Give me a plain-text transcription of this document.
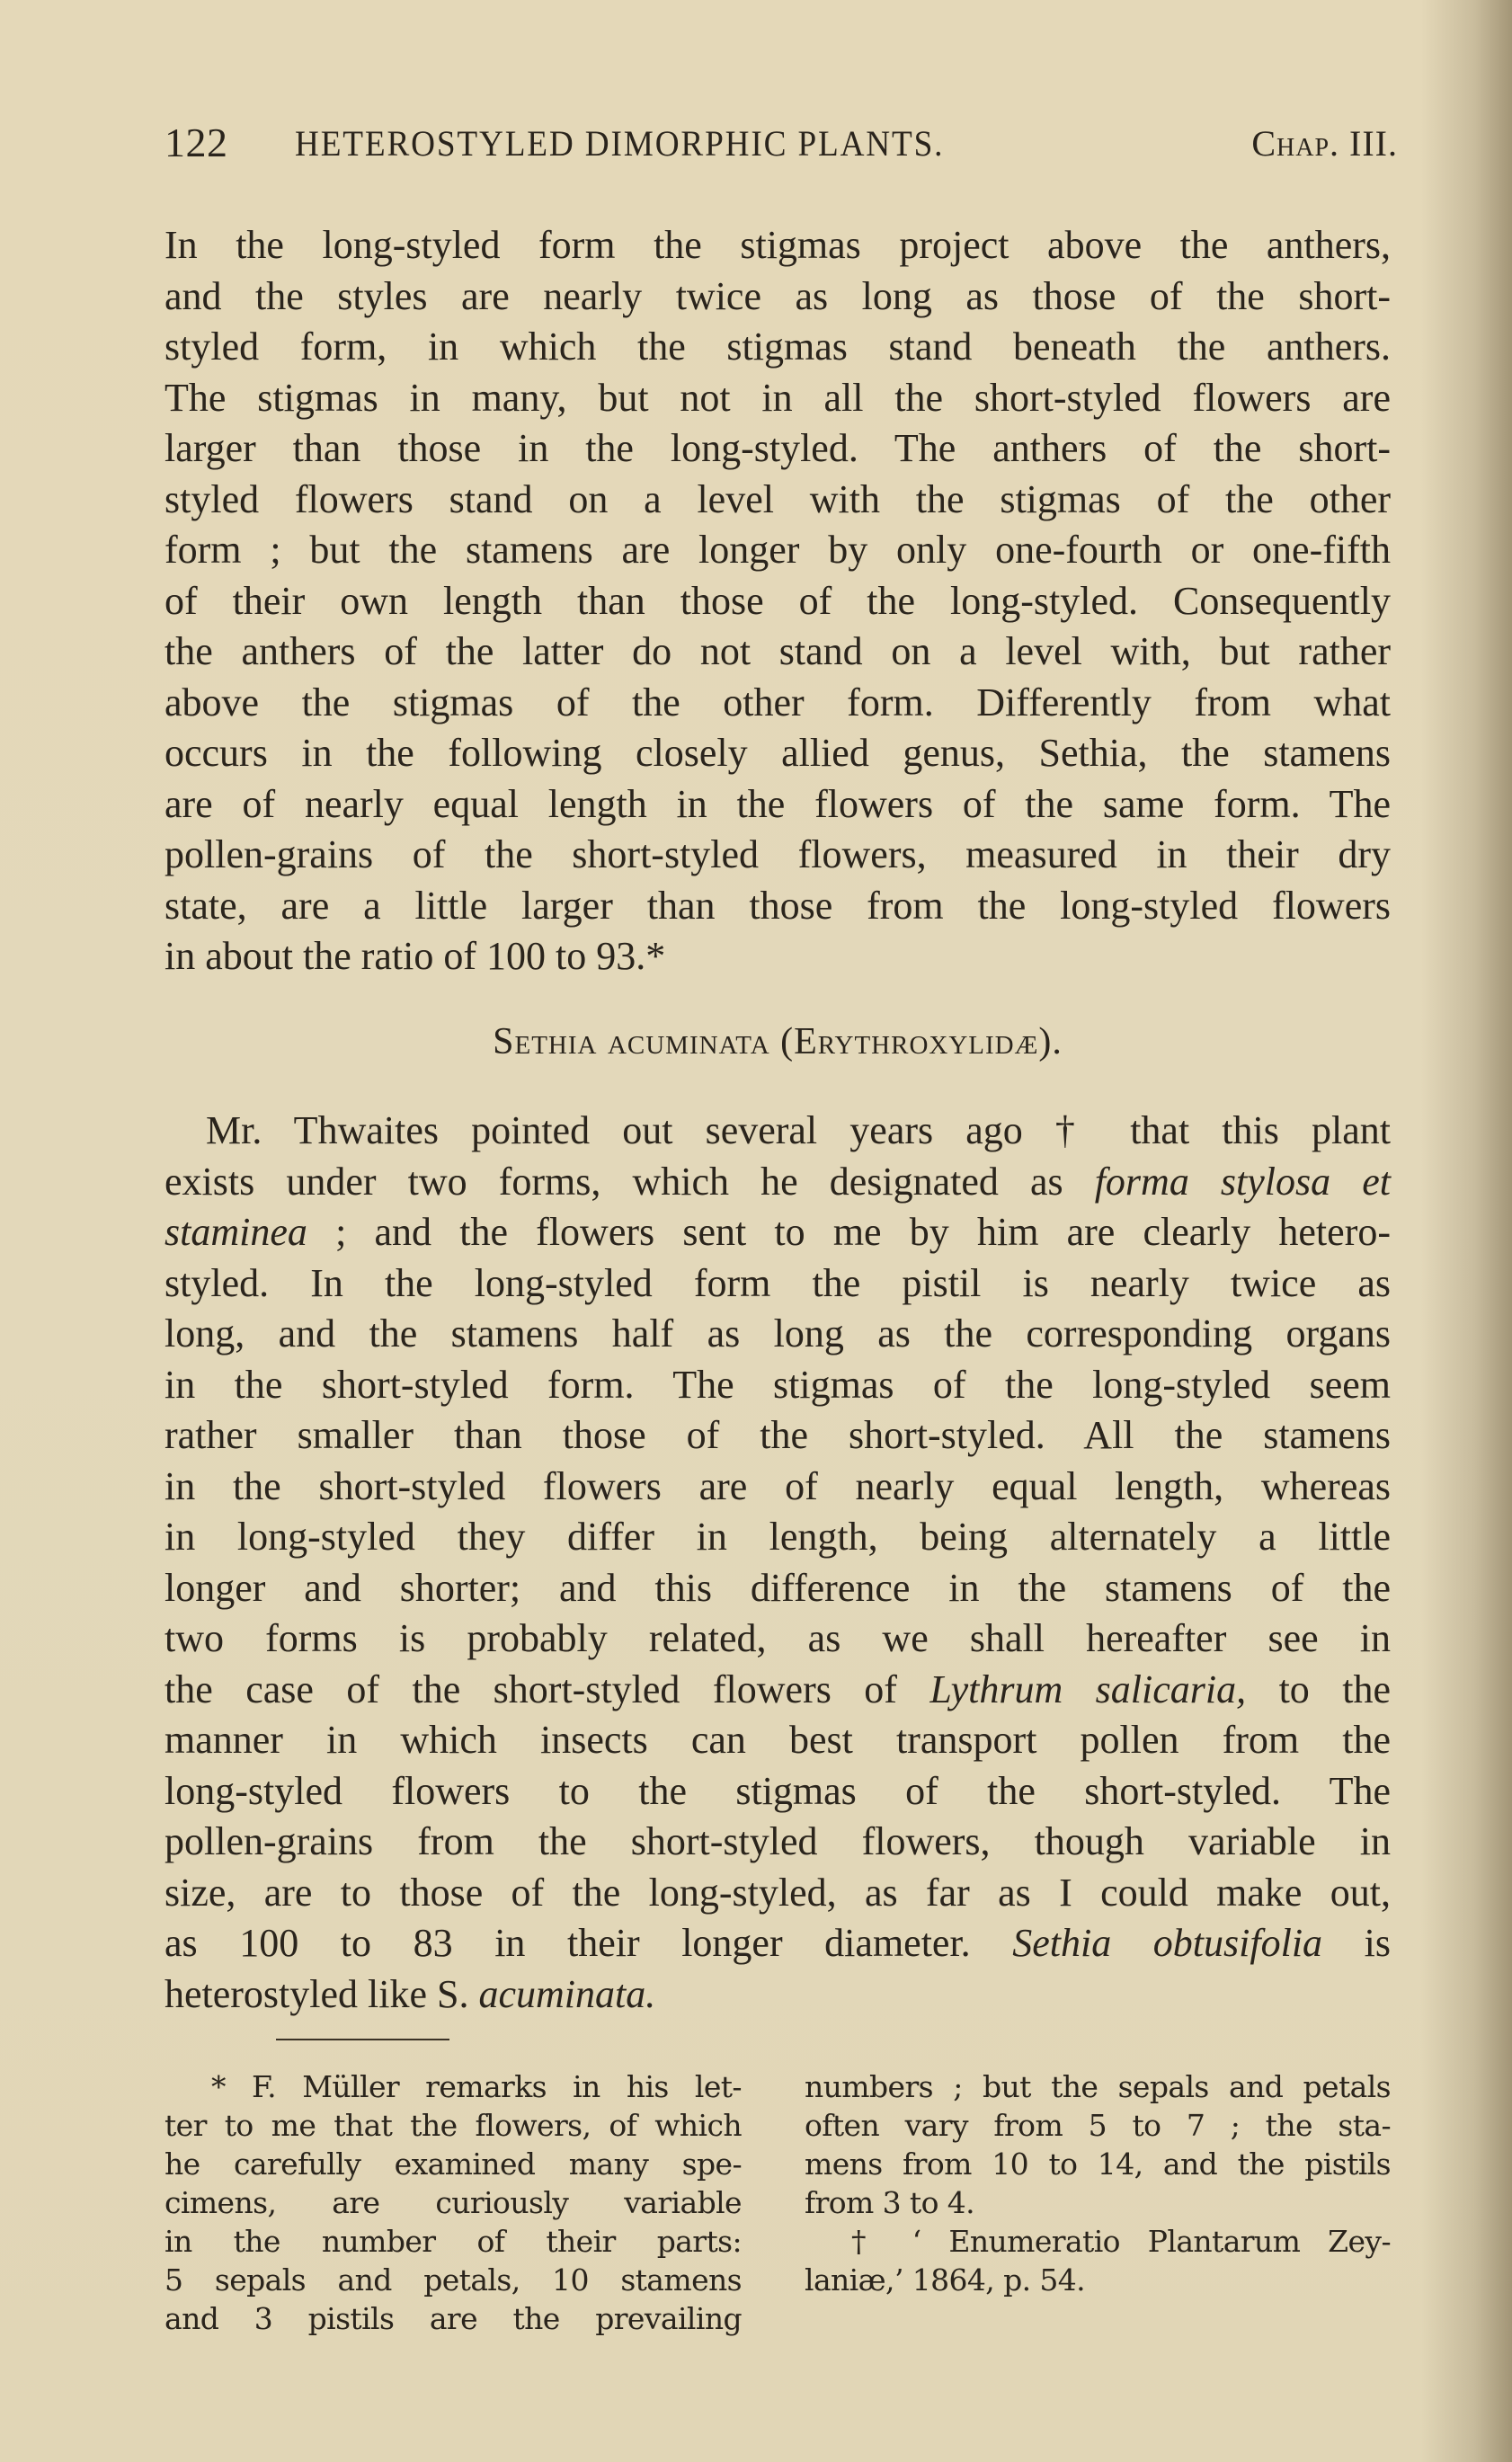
122 HETEROSTYLED DIMORPHIC PLANTS.	Chap. III.
In the long-styled form the stigmas project above the anthers,
and the styles are nearly twice as long as those of the short-
styled form, in which the stigmas stand beneath the anthers.
The stigmas in many, but not in all the short-styled flowers are
larger than those in the long-styled. The anthers of the short-
styled flowers stand on a level with the stigmas of the other
form ; but the stamens are longer by only one-fourth or one-fifth
of their own length than those of the long-styled. Consequently
the anthers of the latter do not stand on a level with, but rather
above the stigmas of the other form. Differently from what
occurs in the following closely allied genus, Sethia, the stamens
are of nearly equal length in the flowers of the same form. The
pollen-grains of the short-styled flowers, measured in their dry
state, are a little larger than those from the long-styled flowers
in about the ratio of 100 to 93.*
Sethia acuminata (Erythroxylidæ).
Mr. Thwaites pointed out several years ago † that this plant
exists under two forms, which he designated as forma stylosa et
staminea ; and the flowers sent to me by him are clearly hetero-
styled. In the long-styled form the pistil is nearly twice as
long, and the stamens half as long as the corresponding organs
in the short-styled form. The stigmas of the long-styled seem
rather smaller than those of the short-styled. All the stamens
in the short-styled flowers are of nearly equal length, whereas
in long-styled they differ in length, being alternately a little
longer and shorter; and this difference in the stamens of the
two forms is probably related, as we shall hereafter see in
the case of the short-styled flowers of Lythrum salicaria, to the
manner in which insects can best transport pollen from the
long-styled flowers to the stigmas of the short-styled. The
pollen-grains from the short-styled flowers, though variable in
size, are to those of the long-styled, as far as I could make out,
as 100 to 83 in their longer diameter. Sethia obtusifolia is
heterostyled like S. acuminata.
* F. Müller remarks in his let-
ter to me that the flowers, of which
he carefully examined many spe-
cimens, are curiously variable
in the number of their parts:
5 sepals and petals, 10 stamens
and 3 pistils are the prevailing
numbers ; but the sepals and petals
often vary from 5 to 7 ; the sta-
mens from 10 to 14, and the pistils
from 3 to 4.
† ‘ Enumeratio Plantarum Zey-
laniæ,’ 1864, p. 54.
